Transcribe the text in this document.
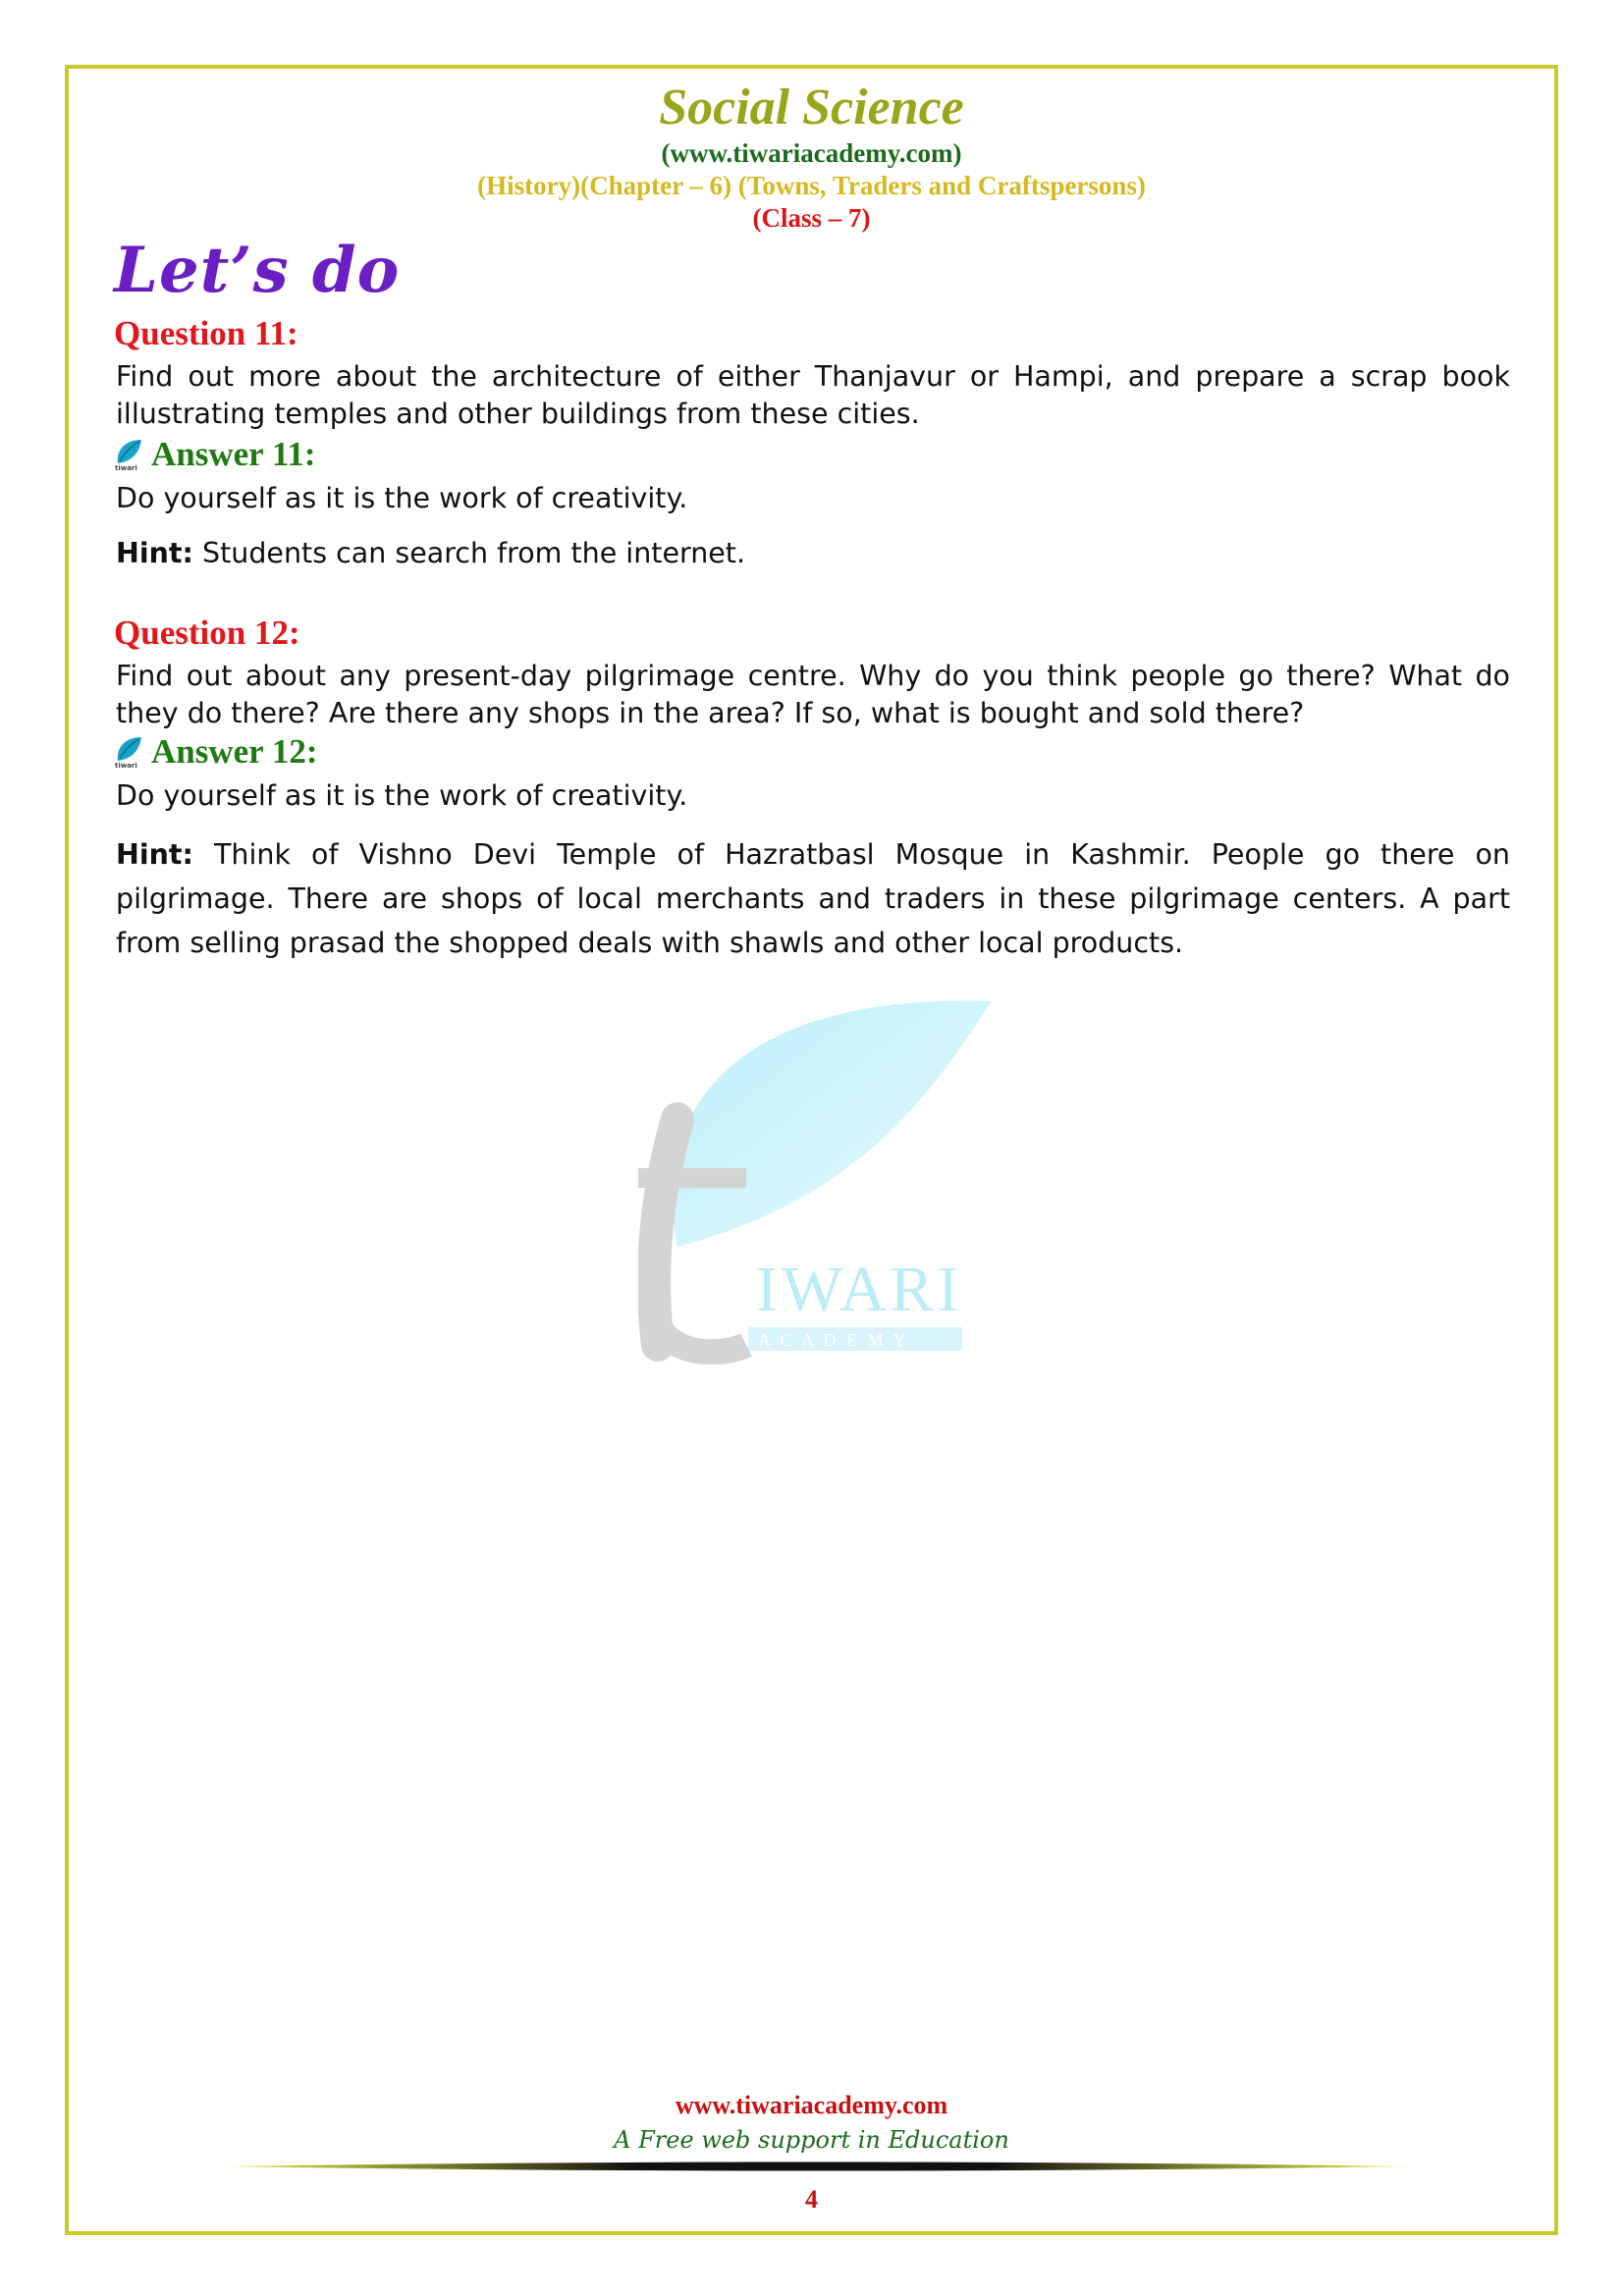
Social Science
(www.tiwariacademy.com)
(History)(Chapter – 6) (Towns, Traders and Craftspersons)
(Class – 7)
Let’s do
Question 11:
Find out more about the architecture of either Thanjavur or Hampi, and prepare a scrap book illustrating temples and other buildings from these cities.
tiwari Answer 11:
Do yourself as it is the work of creativity.
Hint: Students can search from the internet.
Question 12:
Find out about any present-day pilgrimage centre. Why do you think people go there? What do they do there? Are there any shops in the area? If so, what is bought and sold there?
tiwari Answer 12:
Do yourself as it is the work of creativity.
Hint: Think of Vishno Devi Temple of Hazratbasl Mosque in Kashmir. People go there on pilgrimage. There are shops of local merchants and traders in these pilgrimage centers. A part from selling prasad the shopped deals with shawls and other local products.
IWARI
A C A D E M Y
www.tiwariacademy.com
A Free web support in Education
4
